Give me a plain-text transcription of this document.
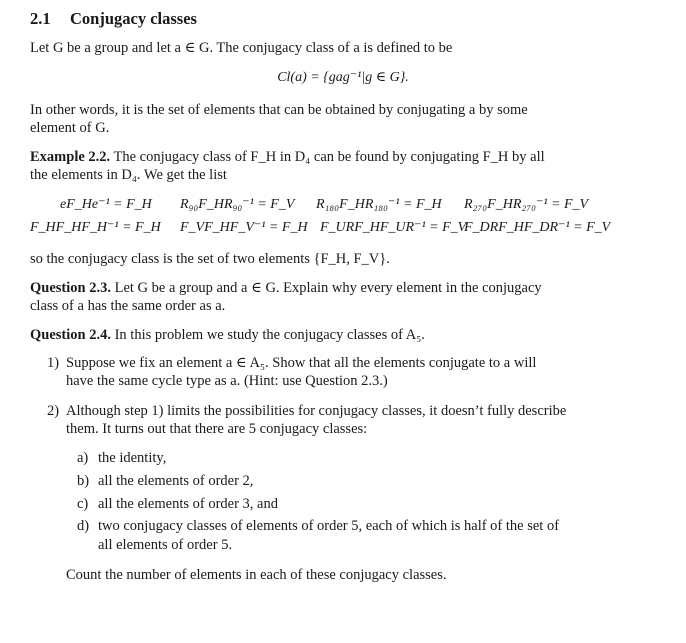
2.1 Conjugacy classes
Let G be a group and let a ∈ G. The conjugacy class of a is defined to be
Cl(a) = {gag⁻¹|g ∈ G}.
In other words, it is the set of elements that can be obtained by conjugating a by some
element of G.
Example 2.2. The conjugacy class of F_H in D₄ can be found by conjugating F_H by all
the elements in D₄. We get the list
eF_He⁻¹ = F_H R₉₀F_HR₉₀⁻¹ = F_V R₁₈₀F_HR₁₈₀⁻¹ = F_H R₂₇₀F_HR₂₇₀⁻¹ = F_V
F_HF_HF_H⁻¹ = F_H F_VF_HF_V⁻¹ = F_H F_URF_HF_UR⁻¹ = F_V
F_DRF_HF_DR⁻¹ = F_V
so the conjugacy class is the set of two elements {F_H, F_V}.
Question 2.3. Let G be a group and a ∈ G. Explain why every element in the conjugacy
class of a has the same order as a.
Question 2.4. In this problem we study the conjugacy classes of A₅.
1) Suppose we fix an element a ∈ A₅. Show that all the elements conjugate to a will
have the same cycle type as a. (Hint: use Question 2.3.)
2) Although step 1) limits the possibilities for conjugacy classes, it doesn’t fully describe
them. It turns out that there are 5 conjugacy classes:
a) the identity,
b) all the elements of order 2,
c) all the elements of order 3, and
d) two conjugacy classes of elements of order 5, each of which is half of the set of
all elements of order 5.
Count the number of elements in each of these conjugacy classes.
